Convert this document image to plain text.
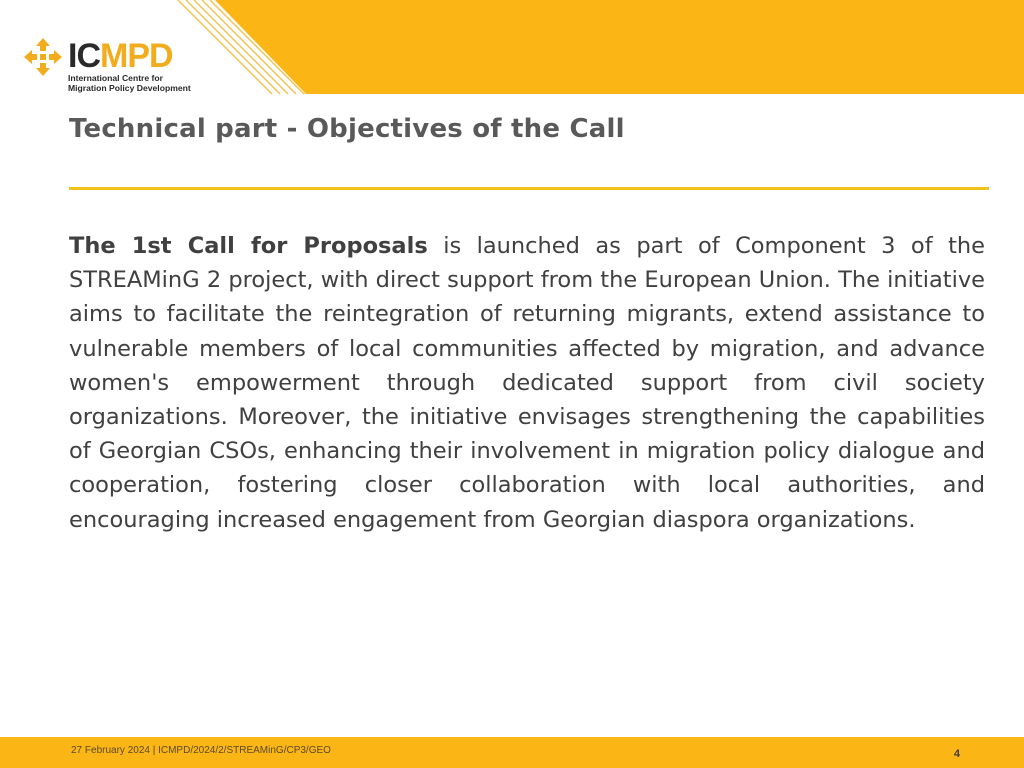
ICMPD
International Centre for
Migration Policy Development
Technical part - Objectives of the Call

The 1st Call for Proposals is launched as part of Component 3 of the STREAMinG 2 project, with direct support from the European Union. The initiative aims to facilitate the reintegration of returning migrants, extend assistance to vulnerable members of local communities affected by migration, and advance women's empowerment through dedicated support from civil society organizations. Moreover, the initiative envisages strengthening the capabilities of Georgian CSOs, enhancing their involvement in migration policy dialogue and cooperation, fostering closer collaboration with local authorities, and encouraging increased engagement from Georgian diaspora organizations.

27 February 2024 | ICMPD/2024/2/STREAMinG/CP3/GEO	4
